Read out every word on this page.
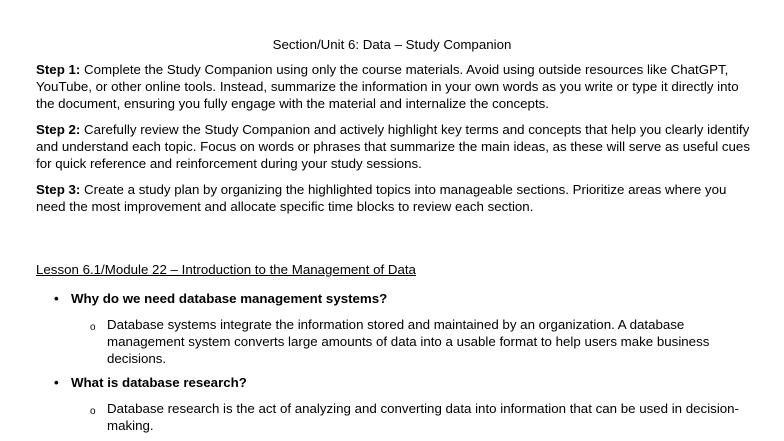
Section/Unit 6: Data – Study Companion

Step 1: Complete the Study Companion using only the course materials. Avoid using outside resources like ChatGPT, YouTube, or other online tools. Instead, summarize the information in your own words as you write or type it directly into the document, ensuring you fully engage with the material and internalize the concepts.

Step 2: Carefully review the Study Companion and actively highlight key terms and concepts that help you clearly identify and understand each topic. Focus on words or phrases that summarize the main ideas, as these will serve as useful cues for quick reference and reinforcement during your study sessions.

Step 3: Create a study plan by organizing the highlighted topics into manageable sections. Prioritize areas where you need the most improvement and allocate specific time blocks to review each section.

Lesson 6.1/Module 22 – Introduction to the Management of Data
• Why do we need database management systems?
o Database systems integrate the information stored and maintained by an organization. A database management system converts large amounts of data into a usable format to help users make business decisions.
• What is database research?
o Database research is the act of analyzing and converting data into information that can be used in decision-making.
